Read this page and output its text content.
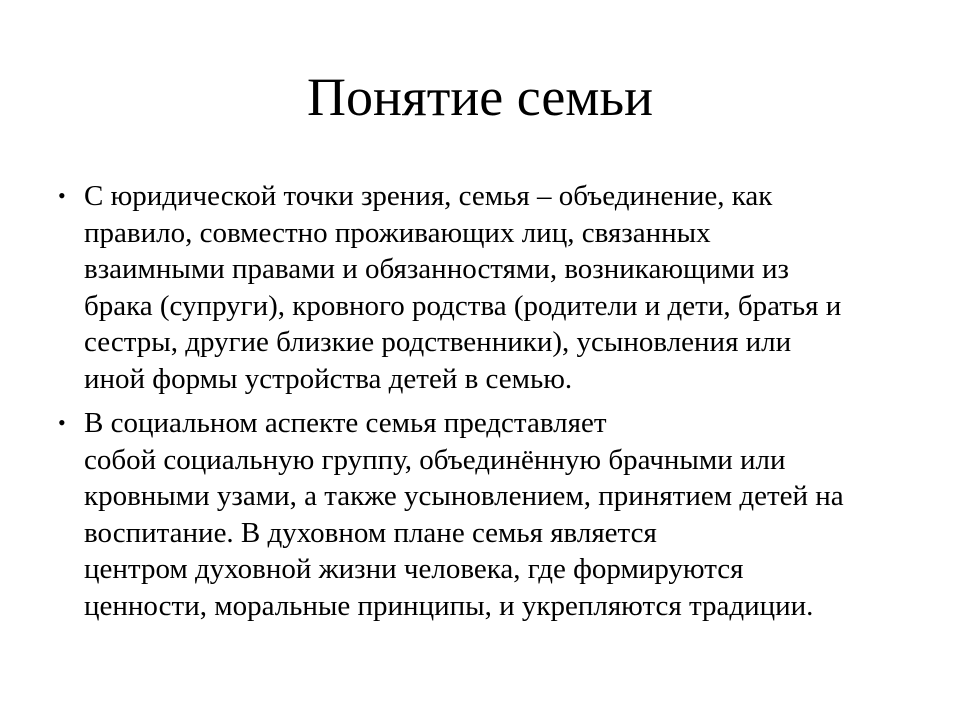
Понятие семьи
• С юридической точки зрения, семья – объединение, как
правило, совместно проживающих лиц, связанных
взаимными правами и обязанностями, возникающими из
брака (супруги), кровного родства (родители и дети, братья и
сестры, другие близкие родственники), усыновления или
иной формы устройства детей в семью.
• В социальном аспекте семья представляет
собой социальную группу, объединённую брачными или
кровными узами, а также усыновлением, принятием детей на
воспитание. В духовном плане семья является
центром духовной жизни человека, где формируются
ценности, моральные принципы, и укрепляются традиции.
